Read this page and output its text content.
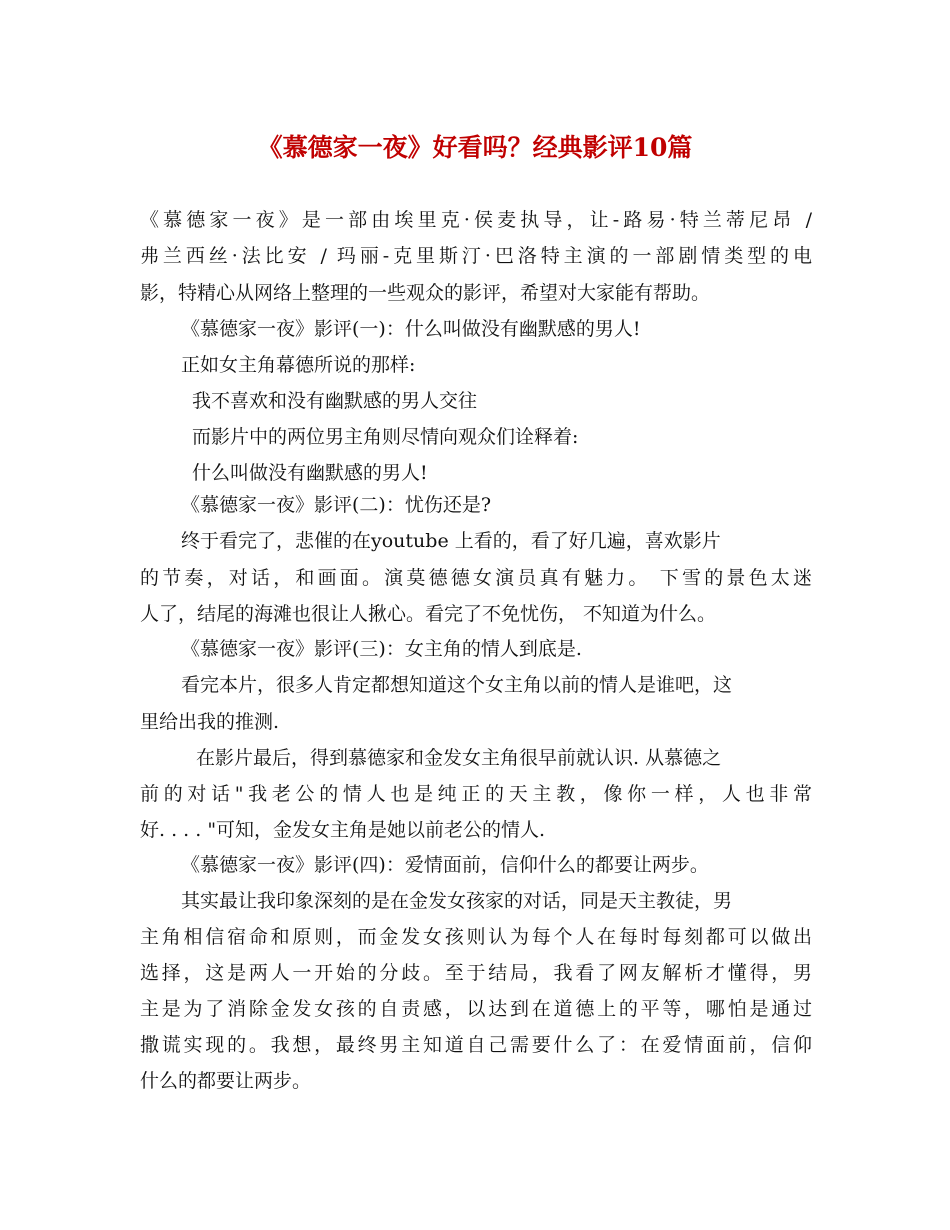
《慕德家一夜》好看吗？经典影评10篇
《慕德家一夜》是一部由埃里克·侯麦执导，让-路易·特兰蒂尼昂 /
弗兰西丝·法比安 / 玛丽-克里斯汀·巴洛特主演的一部剧情类型的电
影，特精心从网络上整理的一些观众的影评，希望对大家能有帮助。
《慕德家一夜》影评(一)：什么叫做没有幽默感的男人!
正如女主角幕德所说的那样:
我不喜欢和没有幽默感的男人交往
而影片中的两位男主角则尽情向观众们诠释着:
什么叫做没有幽默感的男人!
《慕德家一夜》影评(二)：忧伤还是?
终于看完了，悲催的在youtube 上看的，看了好几遍，喜欢影片
的节奏，对话，和画面。演莫德德女演员真有魅力。 下雪的景色太迷
人了，结尾的海滩也很让人揪心。看完了不免忧伤， 不知道为什么。
《慕德家一夜》影评(三)：女主角的情人到底是.
看完本片，很多人肯定都想知道这个女主角以前的情人是谁吧，这
里给出我的推测.
在影片最后，得到慕德家和金发女主角很早前就认识. 从慕德之
前的对话"我老公的情人也是纯正的天主教，像你一样，人也非常
好. . . . "可知，金发女主角是她以前老公的情人.
《慕德家一夜》影评(四)：爱情面前，信仰什么的都要让两步。
其实最让我印象深刻的是在金发女孩家的对话，同是天主教徒，男
主角相信宿命和原则，而金发女孩则认为每个人在每时每刻都可以做出
选择，这是两人一开始的分歧。至于结局，我看了网友解析才懂得，男
主是为了消除金发女孩的自责感，以达到在道德上的平等，哪怕是通过
撒谎实现的。我想，最终男主知道自己需要什么了：在爱情面前，信仰
什么的都要让两步。
